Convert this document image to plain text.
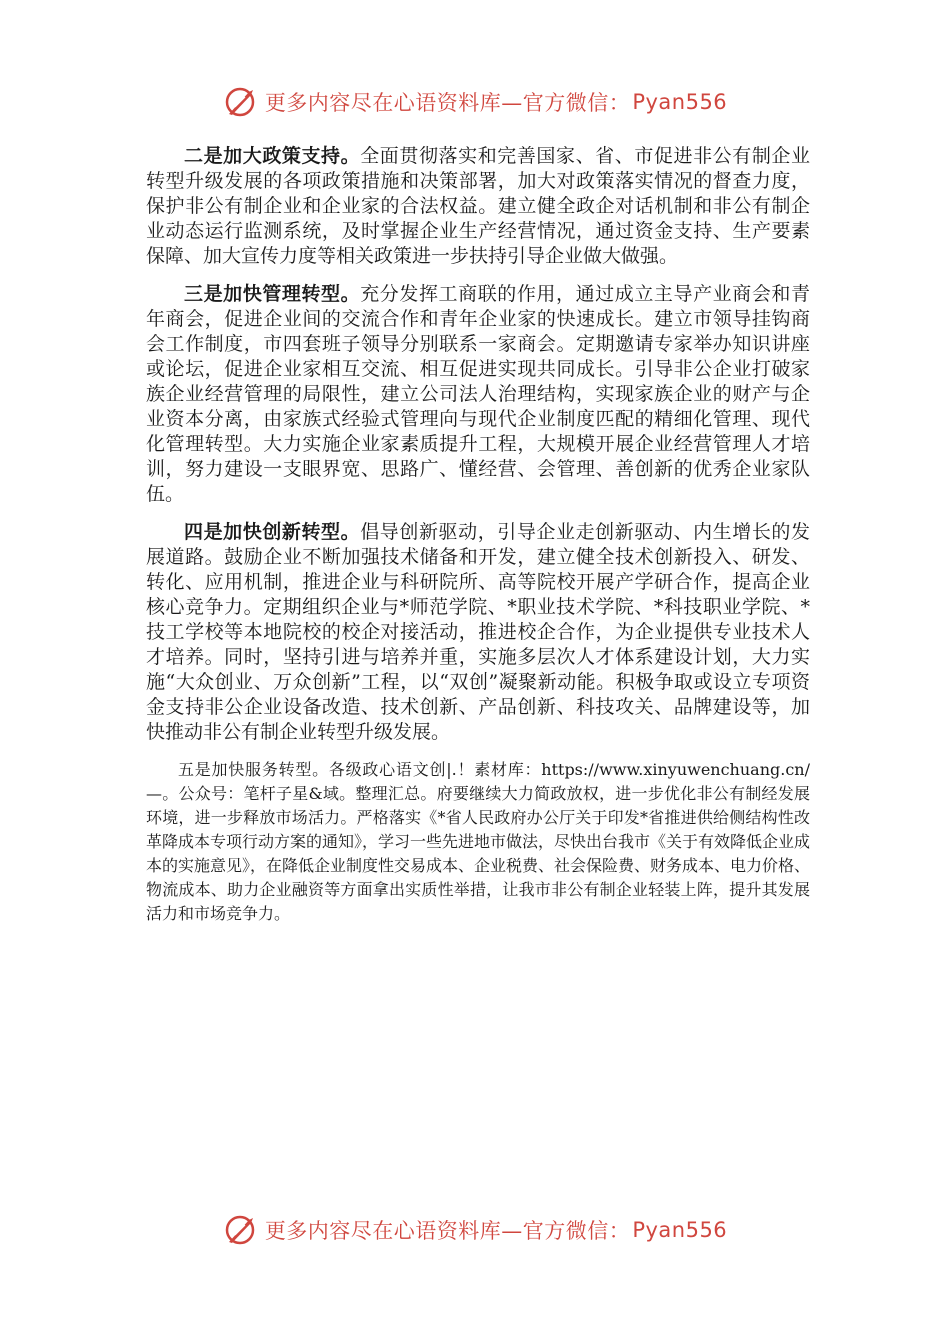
更多内容尽在心语资料库—官方微信： Pyan556

二是加大政策支持。全面贯彻落实和完善国家、省、市促进非公有制企业转型升级发展的各项政策措施和决策部署，加大对政策落实情况的督查力度，保护非公有制企业和企业家的合法权益。建立健全政企对话机制和非公有制企业动态运行监测系统，及时掌握企业生产经营情况，通过资金支持、生产要素保障、加大宣传力度等相关政策进一步扶持引导企业做大做强。

三是加快管理转型。充分发挥工商联的作用，通过成立主导产业商会和青年商会，促进企业间的交流合作和青年企业家的快速成长。建立市领导挂钩商会工作制度，市四套班子领导分别联系一家商会。定期邀请专家举办知识讲座或论坛，促进企业家相互交流、相互促进实现共同成长。引导非公企业打破家族企业经营管理的局限性，建立公司法人治理结构，实现家族企业的财产与企业资本分离，由家族式经验式管理向与现代企业制度匹配的精细化管理、现代化管理转型。大力实施企业家素质提升工程，大规模开展企业经营管理人才培训，努力建设一支眼界宽、思路广、懂经营、会管理、善创新的优秀企业家队伍。

四是加快创新转型。倡导创新驱动，引导企业走创新驱动、内生增长的发展道路。鼓励企业不断加强技术储备和开发，建立健全技术创新投入、研发、转化、应用机制，推进企业与科研院所、高等院校开展产学研合作，提高企业核心竞争力。定期组织企业与*师范学院、*职业技术学院、*科技职业学院、*技工学校等本地院校的校企对接活动，推进校企合作，为企业提供专业技术人才培养。同时，坚持引进与培养并重，实施多层次人才体系建设计划，大力实施“大众创业、万众创新”工程，以“双创”凝聚新动能。积极争取或设立专项资金支持非公企业设备改造、技术创新、产品创新、科技攻关、品牌建设等，加快推动非公有制企业转型升级发展。

五是加快服务转型。各级政心语文创|.！素材库：https://www.xinyuwenchuang.cn/—。公众号：笔杆子星&域。整理汇总。府要继续大力简政放权，进一步优化非公有制经发展环境，进一步释放市场活力。严格落实《*省人民政府办公厅关于印发*省推进供给侧结构性改革降成本专项行动方案的通知》，学习一些先进地市做法，尽快出台我市《关于有效降低企业成本的实施意见》，在降低企业制度性交易成本、企业税费、社会保险费、财务成本、电力价格、物流成本、助力企业融资等方面拿出实质性举措，让我市非公有制企业轻装上阵，提升其发展活力和市场竞争力。

更多内容尽在心语资料库—官方微信： Pyan556
